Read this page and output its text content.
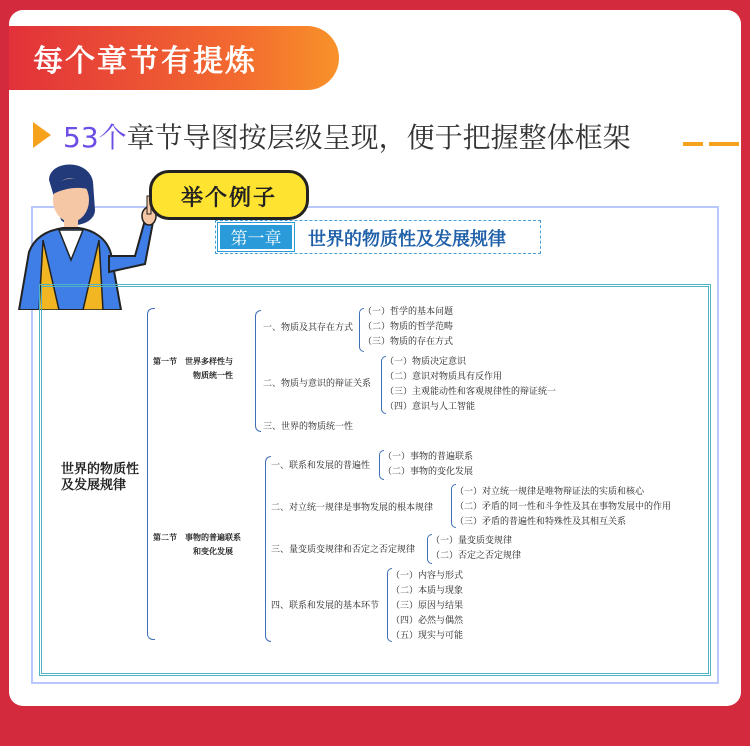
每个章节有提炼
53个章节导图按层级呈现，便于把握整体框架
举个例子
第一章	世界的物质性及发展规律
世界的物质性
及发展规律
第一节　 世界多样性与
物质统一性
一、物质及其存在方式
（一）哲学的基本问题
（二）物质的哲学范畴
（三）物质的存在方式
二、物质与意识的辩证关系
（一）物质决定意识
（二）意识对物质具有反作用
（三）主观能动性和客观规律性的辩证统一
（四）意识与人工智能
三、世界的物质统一性
第二节　 事物的普遍联系
和变化发展
一、联系和发展的普遍性
（一）事物的普遍联系
（二）事物的变化发展
二、对立统一规律是事物发展的根本规律
（一）对立统一规律是唯物辩证法的实质和核心
（二）矛盾的同一性和斗争性及其在事物发展中的作用
（三）矛盾的普遍性和特殊性及其相互关系
三、量变质变规律和否定之否定规律
（一）量变质变规律
（二）否定之否定规律
四、联系和发展的基本环节
（一）内容与形式
（二）本质与现象
（三）原因与结果
（四）必然与偶然
（五）现实与可能
